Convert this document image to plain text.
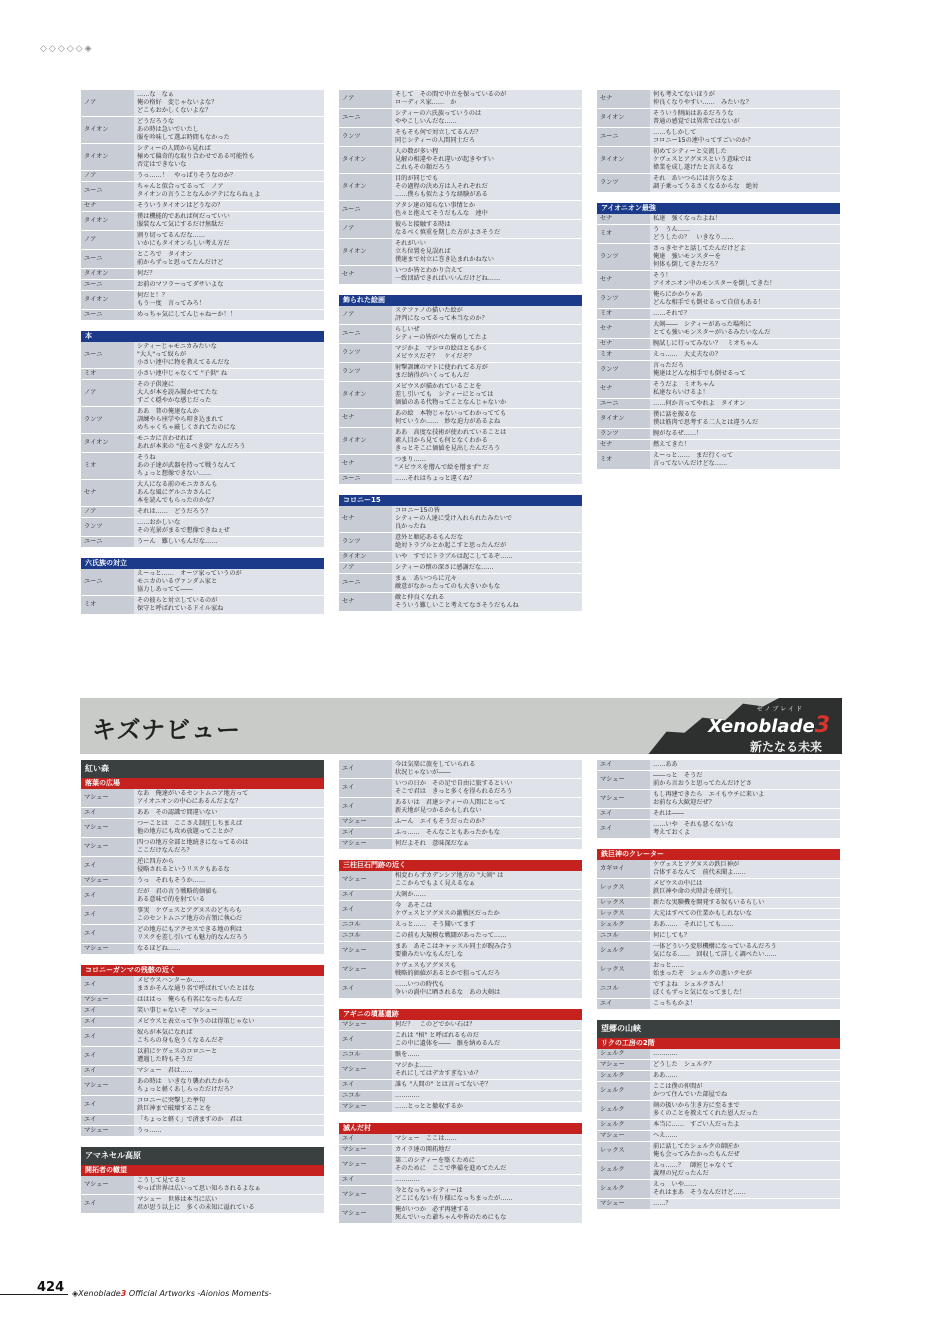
◇◇◇◇◇◈
ノア	……な　なぁ
俺の格好　変じゃないよな？
どこもおかしくないよな？
タイオン	どうだろうな
あの時は急いでいたし
服を吟味して選ぶ時間もなかった
タイオン	シティーの人間から見れば
極めて偏奇的な取り合わせである可能性も
否定はできないな
ノア	うっ……！　やっぱりそうなのか？
ユーニ	ちゃんと似合ってるって　ノア
タイオンの言うことなんかアテにならねぇよ
セナ	そういうタイオンはどうなの？
タイオン	僕は機能的であれば何だっていい
服装なんて気にするだけ無駄だ
ノア	割り切ってるんだな……
いかにもタイオンらしい考え方だ
ユーニ	ところで　タイオン
前からずっと思ってたんだけど
タイオン	何だ？
ユーニ	お前のマフラーってダサいよな
タイオン	何だと！？
もう一度　言ってみろ！
ユーニ	めっちゃ気にしてんじゃねーか！！
本
ユーニ	シティーじゃモニカみたいな
"大人"って奴らが
小さい連中に物を教えてるんだな
ミオ	小さい連中じゃなくて "子供" ね
ノア	その子供達に
大人が本を読み聞かせてたな
すごく穏やかな感じだった
ランツ	ああ　普の俺達なんか
訓練やら座学やら叩き込まれて
めちゃくちゃ厳しくされてたのにな
タイオン	モニカに言わせれば
あれが本来の "在るべき姿" なんだろう
ミオ	そうね
あの子達が武器を持って戦うなんて
ちょっと想像できない……
セナ	大人になる前のモニカさんも
あんな風にゲルニカさんに
本を読んでもらったのかな？
ノア	それは……　どうだろう？
ランツ	……おかしいな
その光景がまるで想像できねぇぜ
ユーニ	うーん　難しいもんだな……
六氏族の対立
ユーニ	えーっと……　オーツ家っていうのが
モニカのいるヴァンダム家と
協力しあってて――
ミオ	その彼らと対立しているのが
保守と呼ばれているドイル家ね
ノア	そして　その間で中立を保っているのが
ロ一ディス家……　か
ユーニ	シティーの六氏族っていうのは
ややこしいんだな……
ランツ	そもそも何で対立してるんだ？
同じシティーの人間同士だろ
タイオン	人の数が多い程
見解の相違やそれ違いが起きやすい
これもその類だろう
タイオン	目的が同じでも
その過程の決め方は人それぞれだ
……僕らも似たような経験がある
ユーニ	アタシ達の知らない事情とか
色々と抱えてそうだもんな　連中
ノア	彼らと接触する時は
なるべく慎重を期した方がよさそうだ
タイオン	それがいい
立ち位置を見誤れば
僕達まで対立に巻き込まれかねない
セナ	いつか皆とわかり合えて
一致団結できればいいんだけどね……
飾られた絵画
ノア	ステファノの描いた絵が
評判になってるって本当なのか？
ユーニ	らしいぜ
シティーの皆がべた褒めしてたよ
ランツ	マジかよ　マシロの絵はともかく
メビウスだぞ？　ケイだぞ？
ランツ	射撃訓練のマトに使われてる方が
まだ納得がいくってもんだ
タイオン	メビウスが描かれていることを
差し引いても　シティーにとっては
価値のある代物ってことなんじゃないか
セナ	あの絵　本物じゃないってわかってても
何ていうか……　妙な迫力があるよね
タイオン	ああ　高度な技術が使われていることは
素人目から見ても何となくわかる
きっとそこに価値を見出したんだろう
セナ	つまり……
"メビウスを憎んで絵を憎まず" だ
ユーニ	……それはちょっと違くね？
コロニー15
セナ	コロニー15の皆
シティーの人達に受け入れられたみたいで
良かったね
ランツ	意外と順応あるもんだな
絶対トラブルとか起こすと思ったんだが
タイオン	いや　すでにトラブルは起こしてるぞ……
ノア	シティーの懐の深さに感謝だな……
ユーニ	まぁ　あいつらに元々
敵意がなかったってのも大きいかもな
セナ	敵と仲良くなれる
そういう難しいこと考えてなさそうだもんね
セナ	何も考えてないほうが
仲良くなりやすい……　みたいな？
タイオン	そういう側面はあるだろうな
普通の感覚では異常ではないが
ユーニ	……もしかして
コロニー15の連中ってすごいのか？
タイオン	初めてシティーと交流した
ケヴェスとアグヌスという意味では
偉業を成し遂げたと言えるな
ランツ	それ　あいつらには言うなよ
調子乗ってうるさくなるからな　絶対
アイオニオン最強
セナ	私達　強くなったよね！
ミオ	う　うん……
どうしたの？　いきなり……
ランツ	さっきセナと話してたんだけどよ
俺達　強いモンスターを
何体も倒してきただろ？
セナ	そう！
アイオニオン中のモンスターを倒してきた！
ランツ	俺らにかかりゃあ
どんな相手でも倒せるって自信もある！
ミオ	……それで？
セナ	大剣――　シティーがあった場所に
とても強いモンスターがいるみたいなんだ
セナ	腕試しに行ってみない？　ミオちゃん
ミオ	えっ……　大丈夫なの？
ランツ	言っただろ
俺達はどんな相手でも倒せるって
セナ	そうだよ　ミオちゃん
私達ならいけるよ！
ユーニ	……何か言ってやれよ　タイオン
タイオン	僕に話を振るな
僕は筋肉で思考する二人とは違うんだ
ランツ	腕がなるぜ……！
セナ	燃えてきた！
ミオ	えーっと……　まだ行くって
言ってないんだけどな……
キズナビュー
ゼノブレイド
Xenoblade3
新たなる未来
紅い森
落葉の広場
マシュー	なあ　俺達がいるセントムニア地方って
アイオニオンの中心にあるんだよな？
エイ	ああ　その認識で間違いない
マシュー	つーことは　ここさえ制圧しちまえば
他の地方にも攻め放題ってことか？
マシュー	四つの地方全部と地続きになってるのは
ここだけなんだろ？
エイ	逆に四方から
侵略されるというリスクもあるな
マシュー	うっ　それもそうか……
エイ	だが　君の言う戦略的価値も
ある意味で的を射ている
エイ	事実　ケヴェスとアグヌスのどちらも
このセントムニア地方の占領に執心だ
エイ	どの地方にもアクセスできる地の利は
リスクを差し引いても魅力的なんだろう
マシュー	なるほどね……
コロニーガンマの残骸の近く
エイ	メビウスハンターか……
まさかそんな通り名で呼ばれていたとはな
マシュー	はははっ　俺らも有名になったもんだ
エイ	笑い事じゃないぞ　マシュー
エイ	メビウスと表立って争うのは得策じゃない
エイ	奴らが本気になれば
こちらの身も危うくなるんだぞ
エイ	以前にケヴェスのコロニーと
遭遇した時もそうだ
エイ	マシュー　君は……
マシュー	あの時は　いきなり襲われたから
ちょっと軽くあしらっただけだろ？
エイ	コロニーに突撃した挙句
鉄巨神まで破壊することを
エイ	「ちょっと軽く」で済ますのか　君は
マシュー	うっ……
アマネセル高原
開拓者の轍望
マシュー	こうして見てると
やっぱ世界は広いって思い知らされるよなぁ
エイ	マシュー　世界は本当に広い
君が思う以上に　多くの未知に溢れている
エイ	今は気楽に旅をしていられる
状況じゃないが――
エイ	いつの日か　その足で自由に旅するといい
そこで君は　きっと多くを得られるだろう
エイ	あるいは　君達シティーの人間にとって
新天地が見つかるかもしれない
マシュー	ふーん　エイもそうだったのか？
エイ	ふっ……　そんなこともあったかもな
マシュー	何だよそれ　意味深だなぁ
三柱巨石門跡の近く
マシュー	相変わらずカデンシア地方の "大剣" は
ここからでもよく見えるなぁ
エイ	大剣か……
エイ	今　あそこは
ケヴェスとアグヌスの激戦区だったか
ニコル	えっと……　そう聞いてます
ニコル	この前も大規模な戦闘があったって……
マシュー	まあ　あそこはキャッスル同士が睨み合う
要衝みたいなもんだしな
マシュー	ケヴェスもアグヌスも
戦略的価値があるとかで狙ってんだろ
エイ	……いつの時代も
争いの渦中に晒されるな　あの大剣は
アギニの墳墓遺跡
マシュー	何だ？　このどでかい石は？
エイ	これは "棺" と呼ばれるものだ
この中に遺体を――　骸を納めるんだ
ニコル	骸を……
マシュー	マジかよ……
それにしてはデカすぎないか？
エイ	誰も "人間の" とは言ってないぞ？
ニコル	…………
マシュー	……とっとと撤収するか
滅んだ村
エイ	マシュー　ここは……
マシュー	カイラ達の開拓地だ
マシュー	第二のシティーを築くために
そのために　ここで準備を進めてたんだ
エイ	…………
マシュー	今となっちゃシティーは
どこにもない有り様になっちまったが……
マシュー	俺がいつか　必ず再建する
死んでいった爺ちゃんや皆のためにもな
エイ	……ああ
マシュー	――っと　そうだ
前から言おうと思ってたんだけどさ
マシュー	もし再建できたら　エイもウチに来いよ
お前なら大歓迎だぜ？
エイ	それは――
エイ	……いや　それも悪くないな
考えておくよ
鉄巨神のクレーター
カギロイ	ケヴェスとアグヌスの鉄巨神が
合体するなんて　前代未聞よ……
レックス	メビウスの中には
鉄巨神や命の火時計を研究し
レックス	新たな実験機を開発する奴もいるらしい
レックス	大元はすべての仕業かもしれないな
シュルク	ああ……　それにしても……
ニコル	何にしても？
シュルク	一体どういう変形機構になっているんだろう
気になる……　回収して詳しく調べたい……
レックス	おっと……
始まったぞ　シュルクの悪いクセが
ニコル	ですよね　シュルクさん！
ぼくもずっと気になってました！
エイ	こっちもかよ！
望郷の山峡
リクの工房の2階
シュルク	…………
マシュー	どうした　シュルク？
シュルク	ああ……
シュルク	ここは僕の仲間が
かつて住んでいた部屋でね
シュルク	剣の扱いから生き方に至るまで
多くのことを教えてくれた恩人だった
シュルク	本当に……　すごい人だったよ
マシュー	へえ……
レックス	前に話してたシュルクの師匠か
俺も会ってみたかったもんだぜ
シュルク	えっ……？　師匠じゃなくて
義理の兄だったんだ
シュルク	えっ　いや……
それはまあ　そうなんだけど……
マシュー	……？
424 ◈Xenoblade3 Official Artworks -Aionios Moments-
